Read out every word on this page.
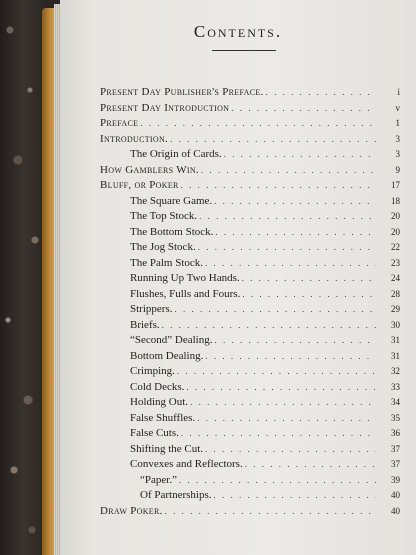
Contents.
Present Day Publisher's Preface. . . .	i
Present Day Introduction . . .	v
Preface . . .	1
Introduction. . . .	3
The Origin of Cards. . . .	3
How Gamblers Win. . . .	9
Bluff, or Poker . . .	17
The Square Game. . . .	18
The Top Stock. . . .	20
The Bottom Stock. . . .	20
The Jog Stock. . . .	22
The Palm Stock. . . .	23
Running Up Two Hands. . . .	24
Flushes, Fulls and Fours. . . .	28
Strippers. . . .	29
Briefs. . . .	30
“Second” Dealing. . . .	31
Bottom Dealing. . . .	31
Crimping. . . .	32
Cold Decks. . . .	33
Holding Out. . . .	34
False Shuffles. . . .	35
False Cuts. . . .	36
Shifting the Cut. . . .	37
Convexes and Reflectors. . . .	37
“Paper.” . . .	39
Of Partnerships. . . .	40
Draw Poker. . . .	40
